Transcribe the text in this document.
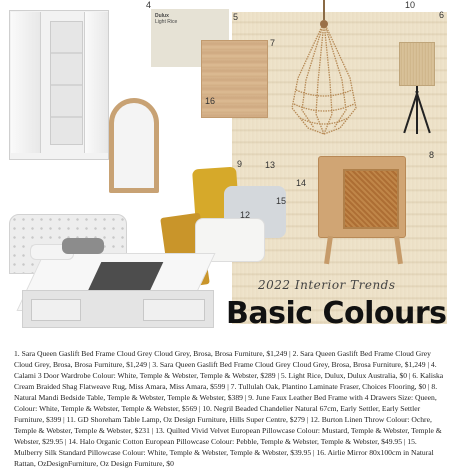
Dulux
Light Rice
4
5	6
7
8
9
10
12
13
14
15
16
2022 Interior Trends
Basic Colours
1. Sara Queen Gaslift Bed Frame Cloud Grey Cloud Grey, Brosa, Brosa Furniture, $1,249 | 2. Sara Queen Gaslift Bed Frame Cloud Grey Cloud Grey, Brosa, Brosa Furniture, $1,249 | 3. Sara Queen Gaslift Bed Frame Cloud Grey Cloud Grey, Brosa, Brosa Furniture, $1,249 | 4. Calami 3 Door Wardrobe Colour: White, Temple & Webster, Temple & Webster, $289 | 5. Light Rice, Dulux, Dulux Australia, $0 | 6. Kaliska Cream Braided Shag Flatweave Rug, Miss Amara, Miss Amara, $599 | 7. Tullulah Oak, Plantino Laminate Fraser, Choices Flooring, $0 | 8. Natural Mandi Bedside Table, Temple & Webster, Temple & Webster, $389 | 9. June Faux Leather Bed Frame with 4 Drawers Size: Queen, Colour: White, Temple & Webster, Temple & Webster, $569 | 10. Negril Beaded Chandelier Natural 67cm, Early Settler, Early Settler Furniture, $399 | 11. GD Shoreham Table Lamp, Oz Design Furniture, Hills Super Centre, $279 | 12. Burton Linen Throw Colour: Ochre, Temple & Webster, Temple & Webster, $231 | 13. Quilted Vivid Velvet European Pillowcase Colour: Mustard, Temple & Webster, Temple & Webster, $29.95 | 14. Halo Organic Cotton European Pillowcase Colour: Pebble, Temple & Webster, Temple & Webster, $49.95 | 15. Mulberry Silk Standard Pillowcase Colour: White, Temple & Webster, Temple & Webster, $39.95 | 16. Airlie Mirror 80x100cm in Natural Rattan, OzDesignFurniture, Oz Design Furniture, $0
